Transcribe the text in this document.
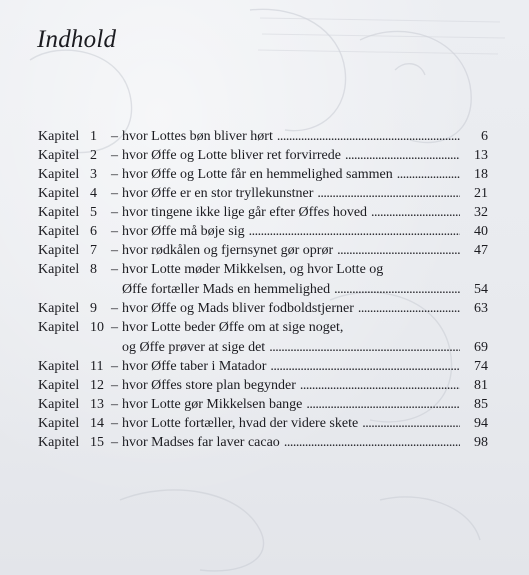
Indhold
Kapitel 1	– hvor Lottes bøn bliver hørt . . .	6
Kapitel 2	– hvor Øffe og Lotte bliver ret forvirrede . . .	13
Kapitel 3	– hvor Øffe og Lotte får en hemmelighed sammen . . .	18
Kapitel 4	– hvor Øffe er en stor tryllekunstner . . .	21
Kapitel 5	– hvor tingene ikke lige går efter Øffes hoved . . .	32
Kapitel 6	– hvor Øffe må bøje sig . . .	40
Kapitel 7	– hvor rødkålen og fjernsynet gør oprør . . .	47
Kapitel 8	– hvor Lotte møder Mikkelsen, og hvor Lotte og
Øffe fortæller Mads en hemmelighed . . .	54
Kapitel 9	– hvor Øffe og Mads bliver fodboldstjerner . . .	63
Kapitel 10 – hvor Lotte beder Øffe om at sige noget,
og Øffe prøver at sige det . . .	69
Kapitel 11 – hvor Øffe taber i Matador . . .	74
Kapitel 12 – hvor Øffes store plan begynder . . .	81
Kapitel 13 – hvor Lotte gør Mikkelsen bange . . .	85
Kapitel 14 – hvor Lotte fortæller, hvad der videre skete . . .	94
Kapitel 15 – hvor Madses far laver cacao . . .	98
